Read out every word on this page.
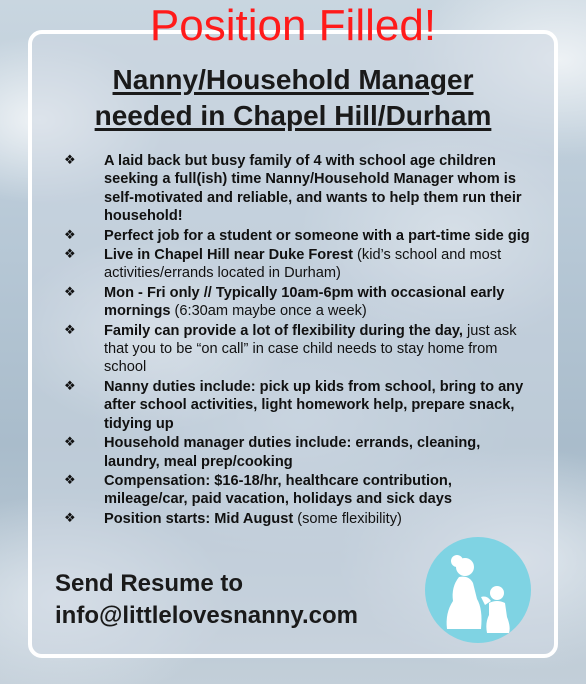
Position Filled!
Nanny/Household Manager
needed in Chapel Hill/Durham
❖ A laid back but busy family of 4 with school age children seeking a full(ish) time Nanny/Household Manager whom is self-motivated and reliable, and wants to help them run their household!
❖ Perfect job for a student or someone with a part-time side gig
❖ Live in Chapel Hill near Duke Forest (kid’s school and most activities/errands located in Durham)
❖ Mon - Fri only // Typically 10am-6pm with occasional early mornings (6:30am maybe once a week)
❖ Family can provide a lot of flexibility during the day, just ask that you to be “on call” in case child needs to stay home from school
❖ Nanny duties include: pick up kids from school, bring to any after school activities, light homework help, prepare snack, tidying up
❖ Household manager duties include: errands, cleaning, laundry, meal prep/cooking
❖ Compensation: $16-18/hr, healthcare contribution, mileage/car, paid vacation, holidays and sick days
❖ Position starts: Mid August (some flexibility)
Send Resume to
info@littlelovesnanny.com
